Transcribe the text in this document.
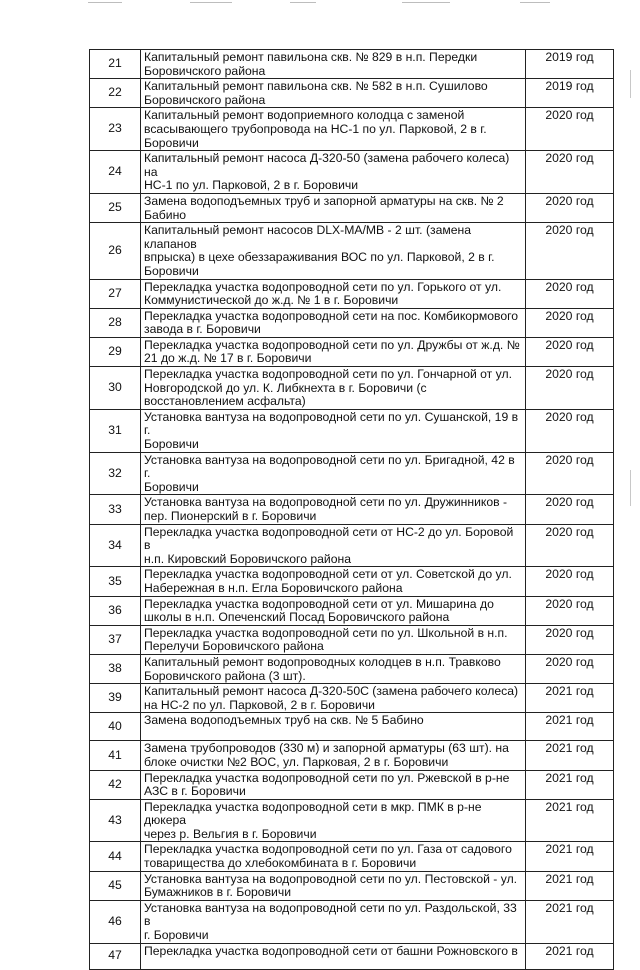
21	Капитальный ремонт павильона скв. № 829 в н.п. Передки
Боровичского района	2019 год
22	Капитальный ремонт павильона скв. № 582 в н.п. Сушилово
Боровичского района	2019 год
23	Капитальный ремонт водоприемного колодца с заменой
всасывающего трубопровода на НС-1 по ул. Парковой, 2 в г.
Боровичи	2020 год
24	Капитальный ремонт насоса Д-320-50 (замена рабочего колеса) на
НС-1 по ул. Парковой, 2 в г. Боровичи	2020 год
25	Замена водоподъемных труб и запорной арматуры на скв. № 2
Бабино	2020 год
26	Капитальный ремонт насосов DLX-MA/MB - 2 шт. (замена клапанов
впрыска) в цехе обеззараживания ВОС по ул. Парковой, 2 в г.
Боровичи	2020 год
27	Перекладка участка водопроводной сети по ул. Горького от ул.
Коммунистической до ж.д. № 1 в г. Боровичи	2020 год
28	Перекладка участка водопроводной сети на пос. Комбикормового
завода в г. Боровичи	2020 год
29	Перекладка участка водопроводной сети по ул. Дружбы от ж.д. №
21 до ж.д. № 17 в г. Боровичи	2020 год
30	Перекладка участка водопроводной сети по ул. Гончарной от ул.
Новгородской до ул. К. Либкнехта в г. Боровичи (с
восстановлением асфальта)	2020 год
31	Установка вантуза на водопроводной сети по ул. Сушанской, 19 в г.
Боровичи	2020 год
32	Установка вантуза на водопроводной сети по ул. Бригадной, 42 в г.
Боровичи	2020 год
33	Установка вантуза на водопроводной сети по ул. Дружинников -
пер. Пионерский в г. Боровичи	2020 год
34	Перекладка участка водопроводной сети от НС-2 до ул. Боровой в
н.п. Кировский Боровичского района	2020 год
35	Перекладка участка водопроводной сети от ул. Советской до ул.
Набережная в н.п. Егла Боровичского района	2020 год
36	Перекладка участка водопроводной сети от ул. Мишарина до
школы в н.п. Опеченский Посад Боровичского района	2020 год
37	Перекладка участка водопроводной сети по ул. Школьной в н.п.
Перелучи Боровичского района	2020 год
38	Капитальный ремонт водопроводных колодцев в н.п. Травково
Боровичского района (3 шт).	2020 год
39	Капитальный ремонт насоса Д-320-50С (замена рабочего колеса)
на НС-2 по ул. Парковой, 2 в г. Боровичи	2021 год
40	Замена водоподъемных труб на скв. № 5 Бабино	2021 год
41	Замена трубопроводов (330 м) и запорной арматуры (63 шт). на
блоке очистки №2 ВОС, ул. Парковая, 2 в г. Боровичи	2021 год
42	Перекладка участка водопроводной сети по ул. Ржевской в р-не
АЗС в г. Боровичи	2021 год
43	Перекладка участка водопроводной сети в мкр. ПМК в р-не дюкера
через р. Вельгия в г. Боровичи	2021 год
44	Перекладка участка водопроводной сети по ул. Газа от садового
товарищества до хлебокомбината в г. Боровичи	2021 год
45	Установка вантуза на водопроводной сети по ул. Пестовской - ул.
Бумажников в г. Боровичи	2021 год
46	Установка вантуза на водопроводной сети по ул. Раздольской, 33 в
г. Боровичи	2021 год
47	Перекладка участка водопроводной сети от башни Рожновского в	2021 год
